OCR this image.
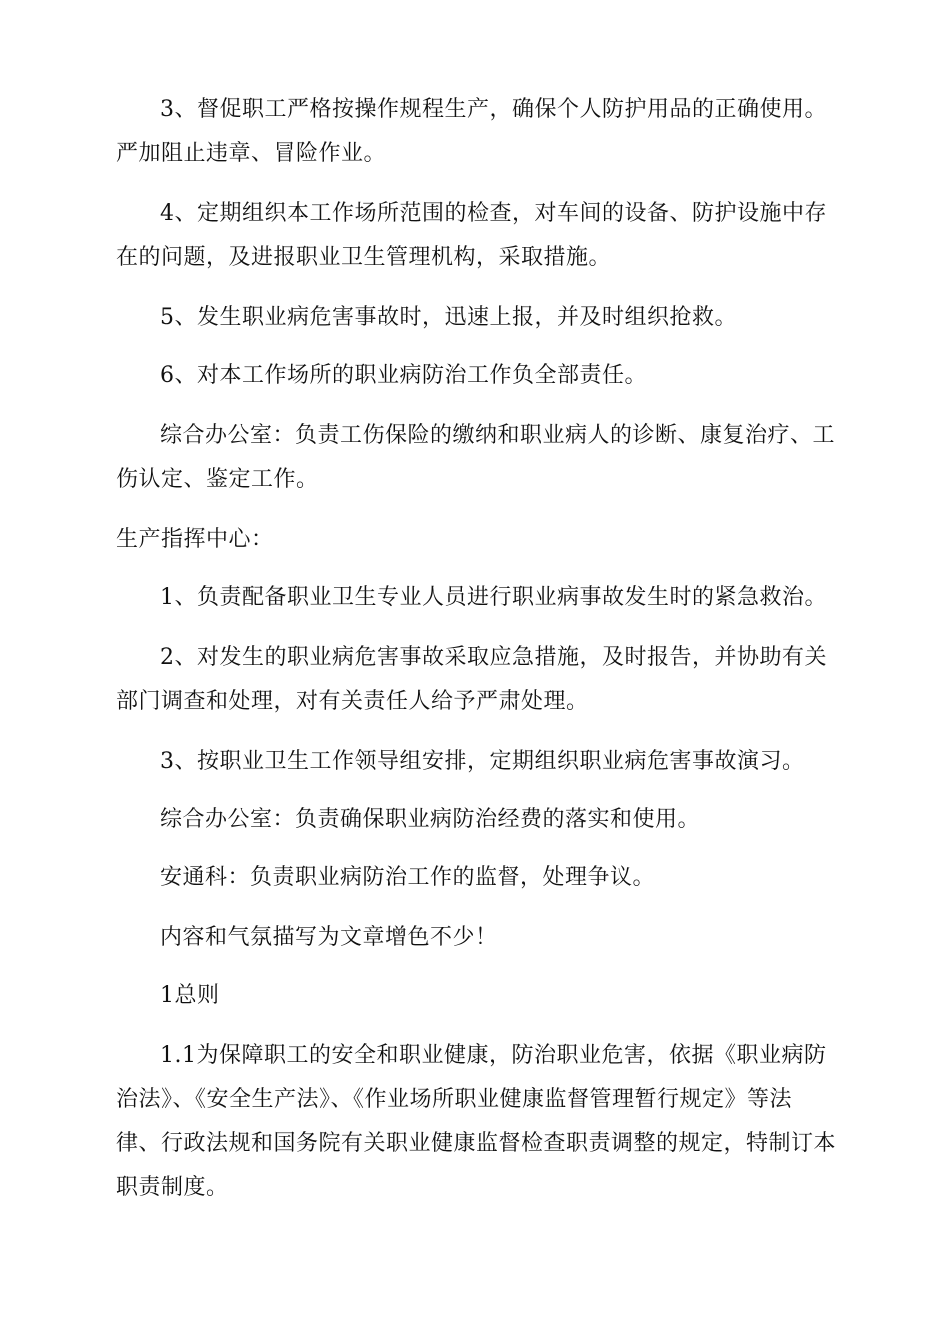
3、督促职工严格按操作规程生产，确保个人防护用品的正确使用。严加阻止违章、冒险作业。

4、定期组织本工作场所范围的检查，对车间的设备、防护设施中存在的问题，及进报职业卫生管理机构，采取措施。

5、发生职业病危害事故时，迅速上报，并及时组织抢救。

6、对本工作场所的职业病防治工作负全部责任。

综合办公室：负责工伤保险的缴纳和职业病人的诊断、康复治疗、工伤认定、鉴定工作。

生产指挥中心：

1、负责配备职业卫生专业人员进行职业病事故发生时的紧急救治。

2、对发生的职业病危害事故采取应急措施，及时报告，并协助有关部门调查和处理，对有关责任人给予严肃处理。

3、按职业卫生工作领导组安排，定期组织职业病危害事故演习。

综合办公室：负责确保职业病防治经费的落实和使用。

安通科：负责职业病防治工作的监督，处理争议。

内容和气氛描写为文章增色不少！

1总则

1.1为保障职工的安全和职业健康，防治职业危害，依据《职业病防治法》、《安全生产法》、《作业场所职业健康监督管理暂行规定》等法律、行政法规和国务院有关职业健康监督检查职责调整的规定，特制订本职责制度。
